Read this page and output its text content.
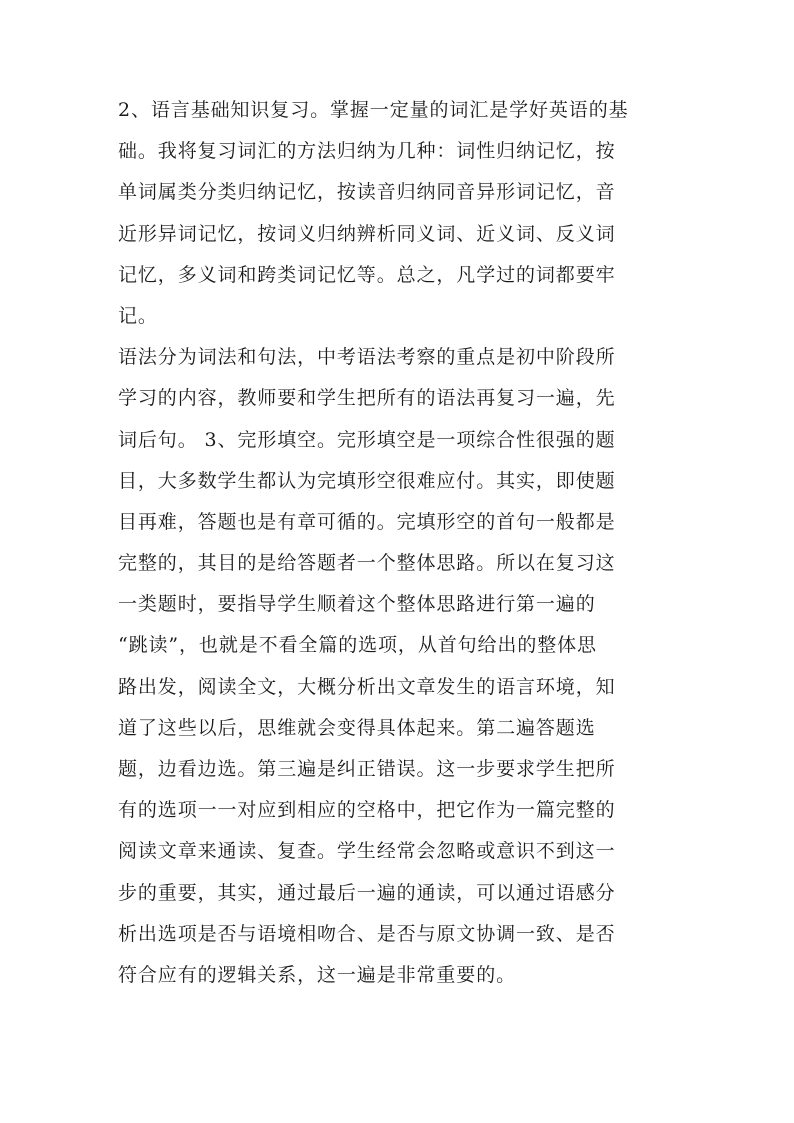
2、语言基础知识复习。掌握一定量的词汇是学好英语的基
础。我将复习词汇的方法归纳为几种：词性归纳记忆，按
单词属类分类归纳记忆，按读音归纳同音异形词记忆，音
近形异词记忆，按词义归纳辨析同义词、近义词、反义词
记忆，多义词和跨类词记忆等。总之，凡学过的词都要牢
记。
语法分为词法和句法，中考语法考察的重点是初中阶段所
学习的内容，教师要和学生把所有的语法再复习一遍，先
词后句。 3、完形填空。完形填空是一项综合性很强的题
目，大多数学生都认为完填形空很难应付。其实，即使题
目再难，答题也是有章可循的。完填形空的首句一般都是
完整的，其目的是给答题者一个整体思路。所以在复习这
一类题时，要指导学生顺着这个整体思路进行第一遍的
“跳读”，也就是不看全篇的选项，从首句给出的整体思
路出发，阅读全文，大概分析出文章发生的语言环境，知
道了这些以后，思维就会变得具体起来。第二遍答题选
题，边看边选。第三遍是纠正错误。这一步要求学生把所
有的选项一一对应到相应的空格中，把它作为一篇完整的
阅读文章来通读、复查。学生经常会忽略或意识不到这一
步的重要，其实，通过最后一遍的通读，可以通过语感分
析出选项是否与语境相吻合、是否与原文协调一致、是否
符合应有的逻辑关系，这一遍是非常重要的。
